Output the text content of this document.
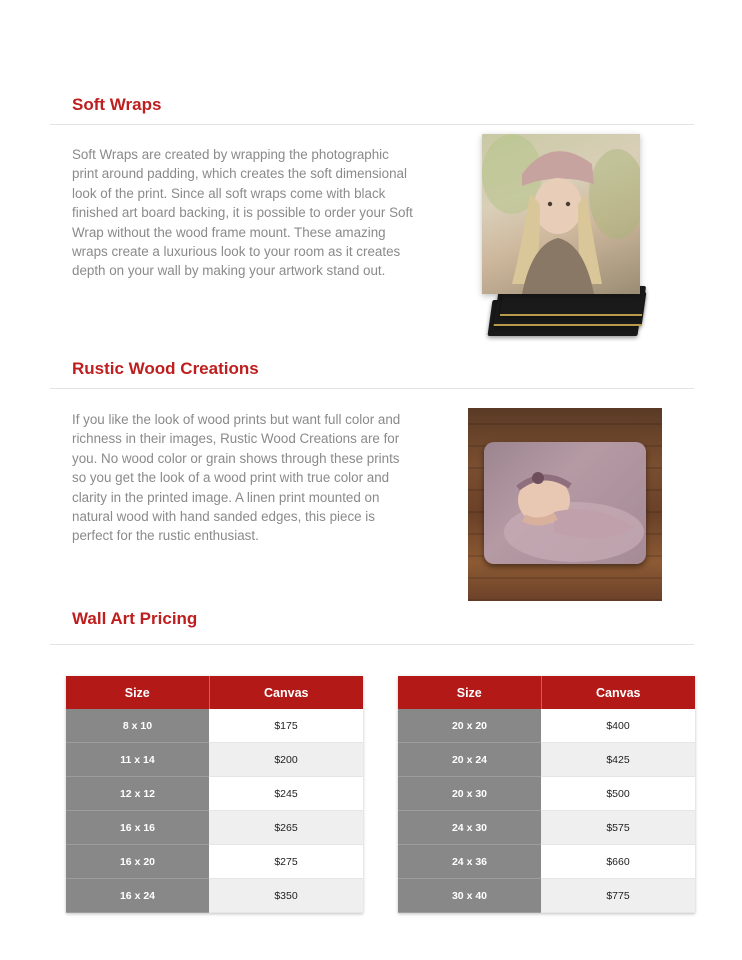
Soft Wraps

Soft Wraps are created by wrapping the photographic print around padding, which creates the soft dimensional look of the print. Since all soft wraps come with black finished art board backing, it is possible to order your Soft Wrap without the wood frame mount. These amazing wraps create a luxurious look to your room as it creates depth on your wall by making your artwork stand out.

Rustic Wood Creations

If you like the look of wood prints but want full color and richness in their images, Rustic Wood Creations are for you. No wood color or grain shows through these prints so you get the look of a wood print with true color and clarity in the printed image. A linen print mounted on natural wood with hand sanded edges, this piece is perfect for the rustic enthusiast.

Wall Art Pricing
Size	Canvas
8 x 10	$175
11 x 14	$200
12 x 12	$245
16 x 16	$265
16 x 20	$275
16 x 24	$350
Size	Canvas
20 x 20	$400
20 x 24	$425
20 x 30	$500
24 x 30	$575
24 x 36	$660
30 x 40	$775
